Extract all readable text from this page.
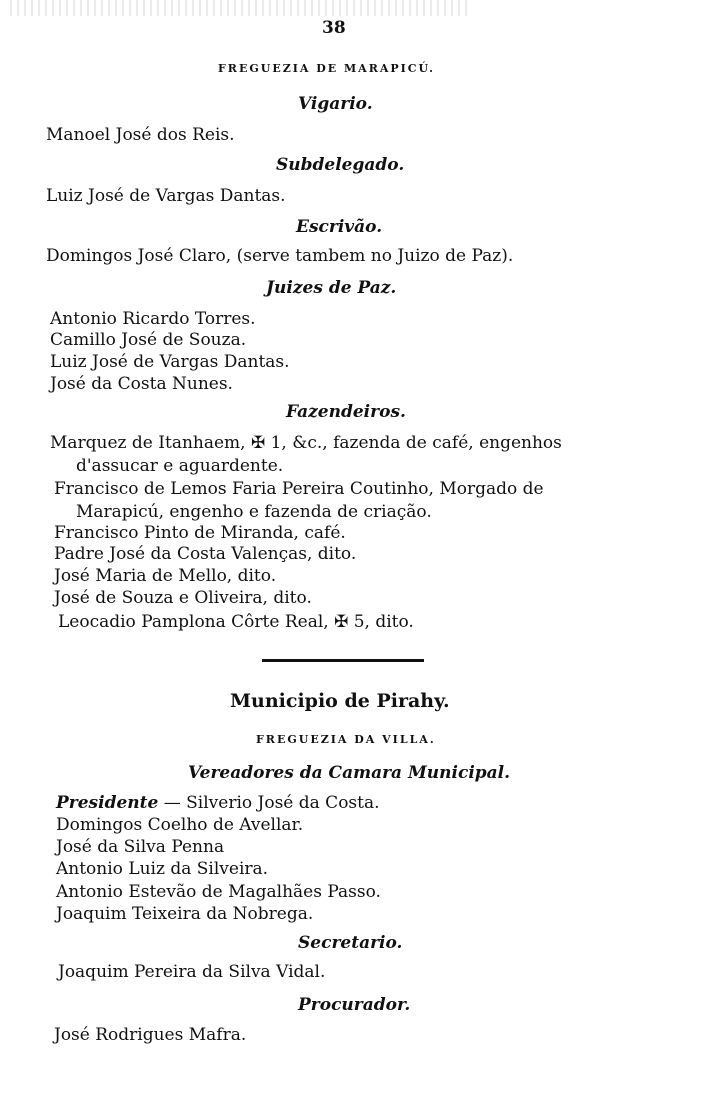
38
FREGUEZIA DE MARAPICÚ.
Vigario.
Manoel José dos Reis.
Subdelegado.
Luiz José de Vargas Dantas.
Escrivão.
Domingos José Claro, (serve tambem no Juizo de Paz).
Juizes de Paz.
Antonio Ricardo Torres.
Camillo José de Souza.
Luiz José de Vargas Dantas.
José da Costa Nunes.
Fazendeiros.
Marquez de Itanhaem, ✠ 1, &c., fazenda de café, engenhos
d'assucar e aguardente.
Francisco de Lemos Faria Pereira Coutinho, Morgado de
Marapicú, engenho e fazenda de criação.
Francisco Pinto de Miranda, café.
Padre José da Costa Valenças, dito.
José Maria de Mello, dito.
José de Souza e Oliveira, dito.
Leocadio Pamplona Côrte Real, ✠ 5, dito.
Municipio de Pirahy.
FREGUEZIA DA VILLA.
Vereadores da Camara Municipal.
Presidente — Silverio José da Costa.
Domingos Coelho de Avellar.
José da Silva Penna
Antonio Luiz da Silveira.
Antonio Estevão de Magalhães Passo.
Joaquim Teixeira da Nobrega.
Secretario.
Joaquim Pereira da Silva Vidal.
Procurador.
José Rodrigues Mafra.
